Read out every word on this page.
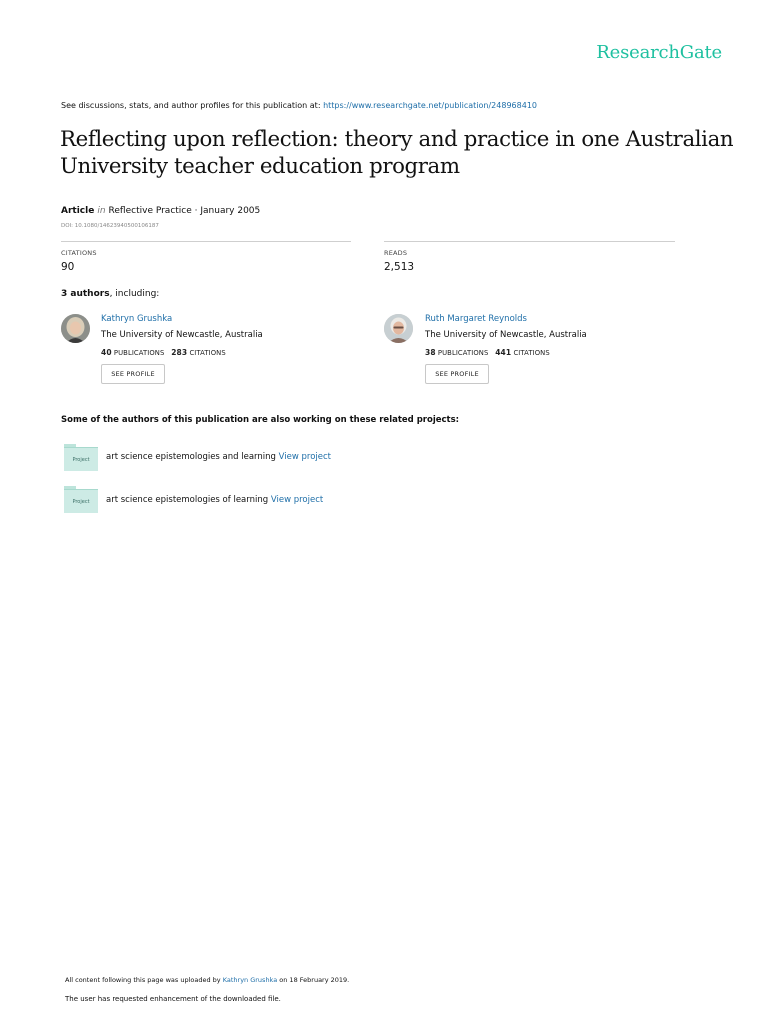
ResearchGate
See discussions, stats, and author profiles for this publication at: https://www.researchgate.net/publication/248968410
Reflecting upon reflection: theory and practice in one Australian University teacher education program
Article in Reflective Practice · January 2005
DOI: 10.1080/14623940500106187
CITATIONS
90
READS
2,513
3 authors, including:
Kathryn Grushka
The University of Newcastle, Australia
40 PUBLICATIONS 283 CITATIONS
SEE PROFILE
Ruth Margaret Reynolds
The University of Newcastle, Australia
38 PUBLICATIONS 441 CITATIONS
SEE PROFILE
Some of the authors of this publication are also working on these related projects:
Project	art science epistemologies and learning View project
Project	art science epistemologies of learning View project
All content following this page was uploaded by Kathryn Grushka on 18 February 2019.
The user has requested enhancement of the downloaded file.
